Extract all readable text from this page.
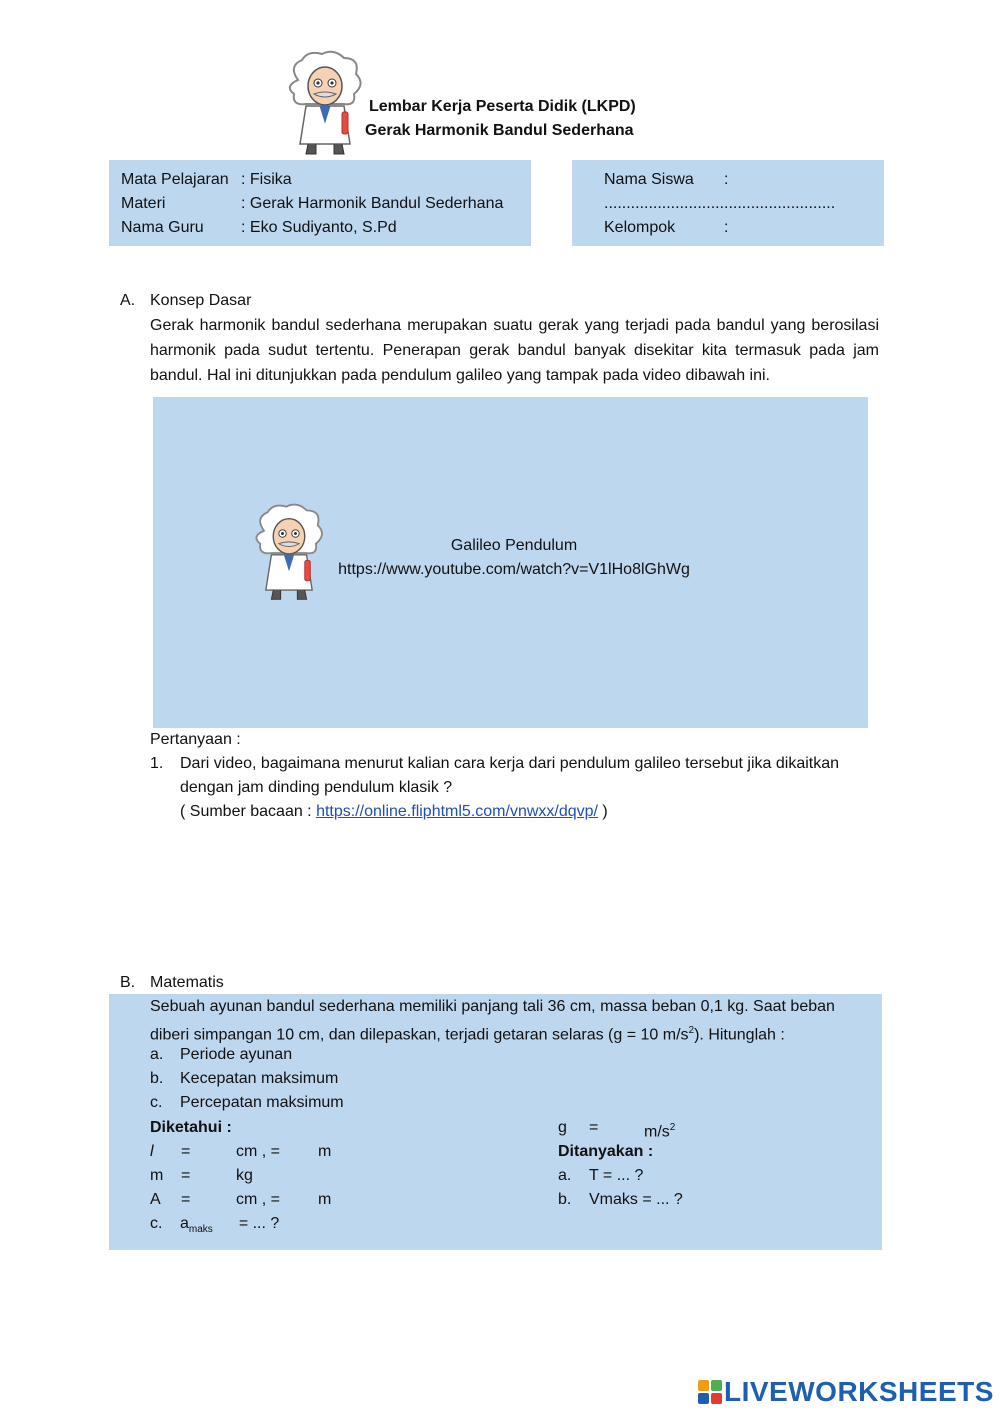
Lembar Kerja Peserta Didik (LKPD)
Gerak Harmonik Bandul Sederhana
Mata Pelajaran : Fisika
Materi	: Gerak Harmonik Bandul Sederhana
Nama Guru : Eko Sudiyanto, S.Pd
Nama Siswa :
....................................................
Kelompok	:
A. Konsep Dasar
Gerak harmonik bandul sederhana merupakan suatu gerak yang terjadi pada bandul yang berosilasi harmonik pada sudut tertentu. Penerapan gerak bandul banyak disekitar kita termasuk pada jam bandul. Hal ini ditunjukkan pada pendulum galileo yang tampak pada video dibawah ini.
Galileo Pendulum
https://www.youtube.com/watch?v=V1lHo8lGhWg
Pertanyaan :
1. Dari video, bagaimana menurut kalian cara kerja dari pendulum galileo tersebut jika dikaitkan
dengan jam dinding pendulum klasik ?
( Sumber bacaan : https://online.fliphtml5.com/vnwxx/dqvp/ )
B. Matematis
Sebuah ayunan bandul sederhana memiliki panjang tali 36 cm, massa beban 0,1 kg. Saat beban
diberi simpangan 10 cm, dan dilepaskan, terjadi getaran selaras (g = 10 $m/s^2$). Hitunglah :
a. Periode ayunan
b. Kecepatan maksimum
c. Percepatan maksimum
Diketahui :
l =	cm , = m
m =	kg
A =	cm , = m
c. $a_{maks}$ = ... ?
g =	$m/s^2$
Ditanyakan :
a. T = ... ?
b. Vmaks = ... ?
LIVEWORKSHEETS
